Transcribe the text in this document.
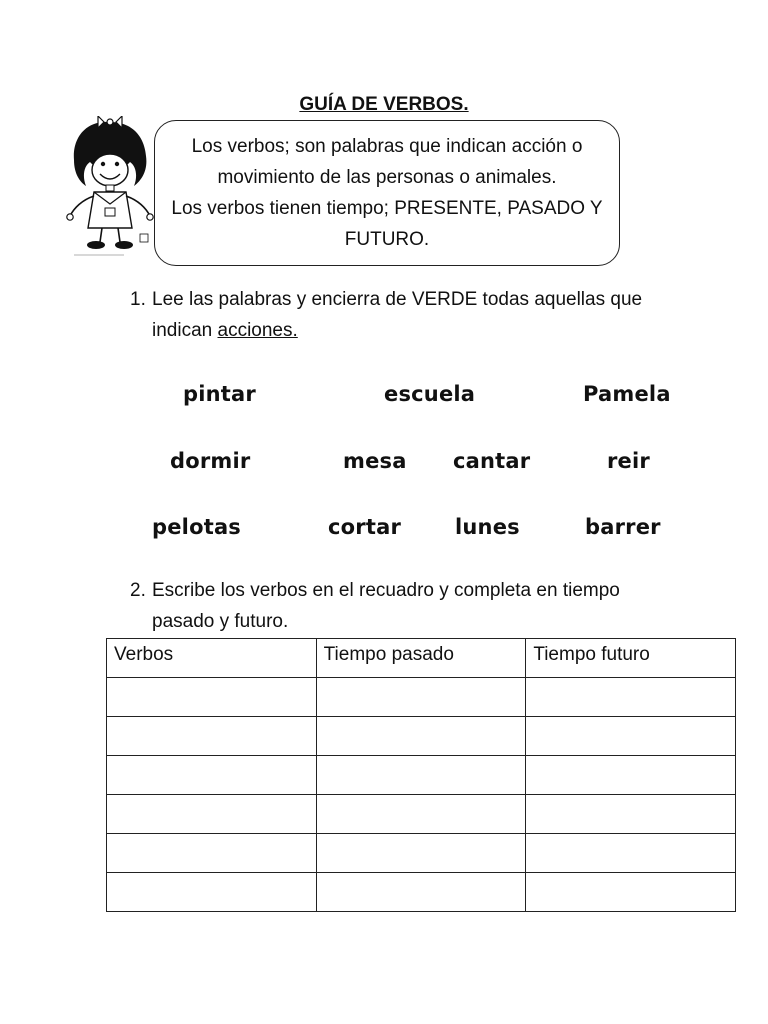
GUÍA DE VERBOS.
Los verbos; son palabras que indican acción o
movimiento de las personas o animales.
Los verbos tienen tiempo; PRESENTE, PASADO Y
FUTURO.
1. Lee las palabras y encierra de VERDE todas aquellas que
indican acciones.
pintar	escuela	Pamela
dormir	mesa cantar	reir
pelotas	cortar	lunes	barrer
2. Escribe los verbos en el recuadro y completa en tiempo
pasado y futuro.
Verbos	Tiempo pasado	Tiempo futuro
